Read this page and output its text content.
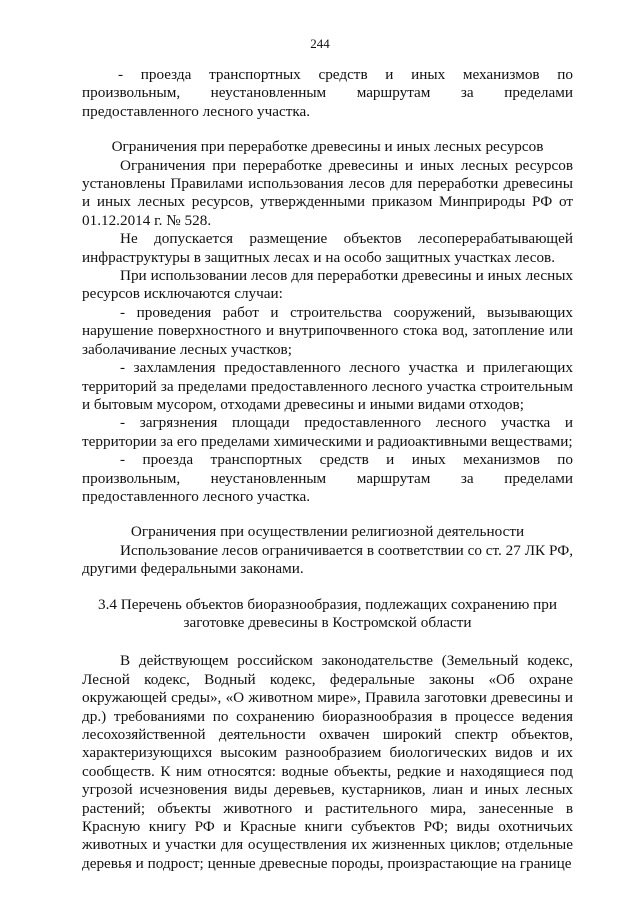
244

- проезда транспортных средств и иных механизмов по произвольным, неустановленным маршрутам за пределами предоставленного лесного участка.

Ограничения при переработке древесины и иных лесных ресурсов

Ограничения при переработке древесины и иных лесных ресурсов установлены Правилами использования лесов для переработки древесины и иных лесных ресурсов, утвержденными приказом Минприроды РФ от 01.12.2014 г. № 528.

Не допускается размещение объектов лесоперерабатывающей инфраструктуры в защитных лесах и на особо защитных участках лесов.

При использовании лесов для переработки древесины и иных лесных ресурсов исключаются случаи:

- проведения работ и строительства сооружений, вызывающих нарушение поверхностного и внутрипочвенного стока вод, затопление или заболачивание лесных участков;

- захламления предоставленного лесного участка и прилегающих территорий за пределами предоставленного лесного участка строительным и бытовым мусором, отходами древесины и иными видами отходов;

- загрязнения площади предоставленного лесного участка и территории за его пределами химическими и радиоактивными веществами;

- проезда транспортных средств и иных механизмов по произвольным, неустановленным маршрутам за пределами предоставленного лесного участка.

Ограничения при осуществлении религиозной деятельности

Использование лесов ограничивается в соответствии со ст. 27 ЛК РФ, другими федеральными законами.

3.4 Перечень объектов биоразнообразия, подлежащих сохранению при
заготовке древесины в Костромской области

В действующем российском законодательстве (Земельный кодекс, Лесной кодекс, Водный кодекс, федеральные законы «Об охране окружающей среды», «О животном мире», Правила заготовки древесины и др.) требованиями по сохранению биоразнообразия в процессе ведения лесохозяйственной деятельности охвачен широкий спектр объектов, характеризующихся высоким разнообразием биологических видов и их сообществ. К ним относятся: водные объекты, редкие и находящиеся под угрозой исчезновения виды деревьев, кустарников, лиан и иных лесных растений; объекты животного и растительного мира, занесенные в Красную книгу РФ и Красные книги субъектов РФ; виды охотничьих животных и участки для осуществления их жизненных циклов; отдельные деревья и подрост; ценные древесные породы, произрастающие на границе
